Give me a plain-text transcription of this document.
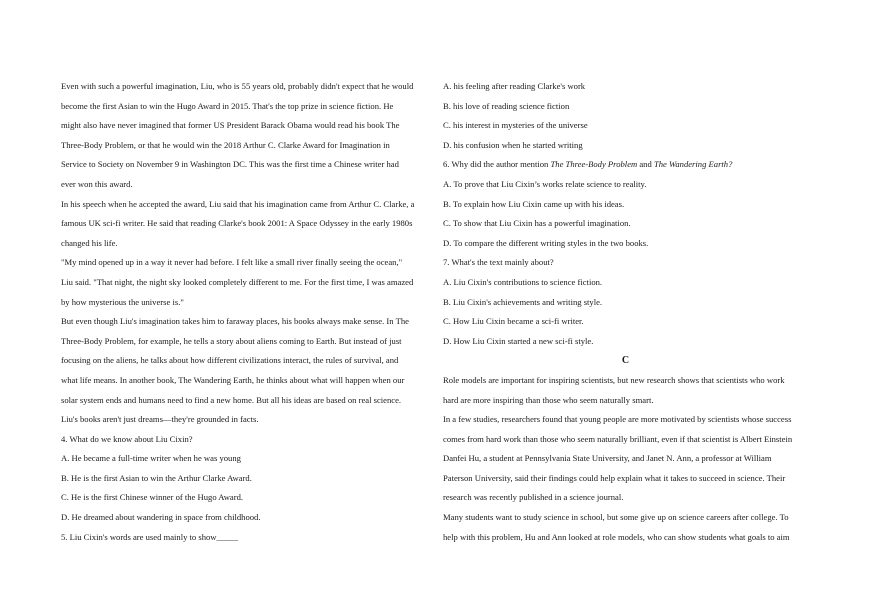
Even with such a powerful imagination, Liu, who is 55 years old, probably didn't expect that he would
become the first Asian to win the Hugo Award in 2015. That's the top prize in science fiction. He
might also have never imagined that former US President Barack Obama would read his book The
Three-Body Problem, or that he would win the 2018 Arthur C. Clarke Award for Imagination in
Service to Society on November 9 in Washington DC. This was the first time a Chinese writer had
ever won this award.
In his speech when he accepted the award, Liu said that his imagination came from Arthur C. Clarke, a
famous UK sci-fi writer. He said that reading Clarke's book 2001: A Space Odyssey in the early 1980s
changed his life.
"My mind opened up in a way it never had before. I felt like a small river finally seeing the ocean,"
Liu said. "That night, the night sky looked completely different to me. For the first time, I was amazed
by how mysterious the universe is."
But even though Liu's imagination takes him to faraway places, his books always make sense. In The
Three-Body Problem, for example, he tells a story about aliens coming to Earth. But instead of just
focusing on the aliens, he talks about how different civilizations interact, the rules of survival, and
what life means. In another book, The Wandering Earth, he thinks about what will happen when our
solar system ends and humans need to find a new home. But all his ideas are based on real science.
Liu's books aren't just dreams—they're grounded in facts.
4. What do we know about Liu Cixin?
A. He became a full-time writer when he was young
B. He is the first Asian to win the Arthur Clarke Award.
C. He is the first Chinese winner of the Hugo Award.
D. He dreamed about wandering in space from childhood.
5. Liu Cixin's words are used mainly to show_____
A. his feeling after reading Clarke's work
B. his love of reading science fiction
C. his interest in mysteries of the universe
D. his confusion when he started writing
6. Why did the author mention The Three-Body Problem and The Wandering Earth?
A. To prove that Liu Cixin’s works relate science to reality.
B. To explain how Liu Cixin came up with his ideas.
C. To show that Liu Cixin has a powerful imagination.
D. To compare the different writing styles in the two books.
7. What's the text mainly about?
A. Liu Cixin's contributions to science fiction.
B. Liu Cixin's achievements and writing style.
C. How Liu Cixin became a sci-fi writer.
D. How Liu Cixin started a new sci-fi style.
C
Role models are important for inspiring scientists, but new research shows that scientists who work
hard are more inspiring than those who seem naturally smart.
In a few studies, researchers found that young people are more motivated by scientists whose success
comes from hard work than those who seem naturally brilliant, even if that scientist is Albert Einstein
Danfei Hu, a student at Pennsylvania State University, and Janet N. Ann, a professor at William
Paterson University, said their findings could help explain what it takes to succeed in science. Their
research was recently published in a science journal.
Many students want to study science in school, but some give up on science careers after college. To
help with this problem, Hu and Ann looked at role models, who can show students what goals to aim
